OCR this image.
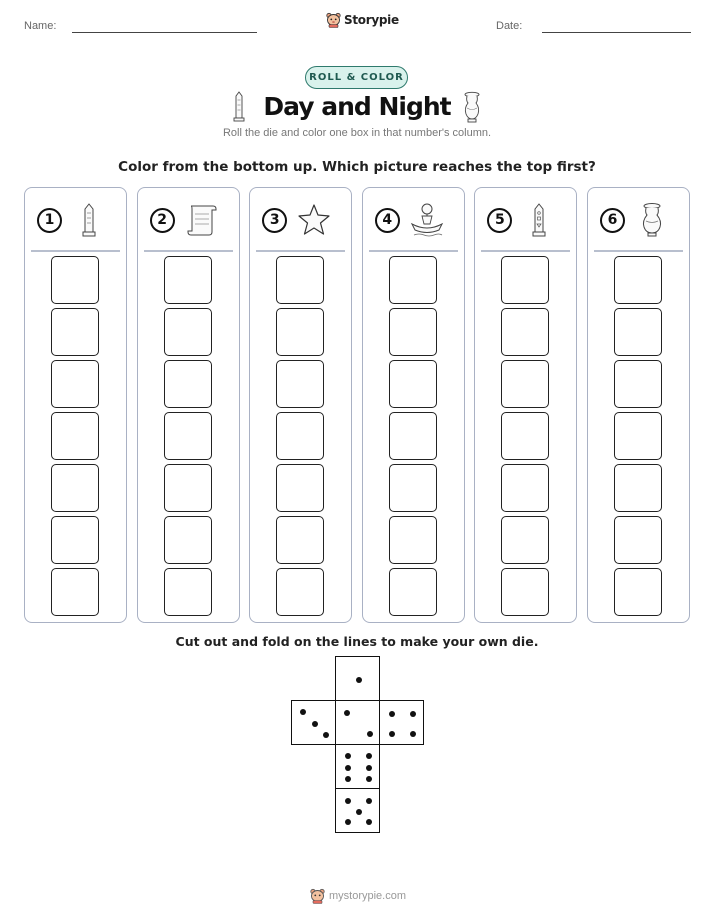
Name:	Storypie	Date:
ROLL & COLOR
Day and Night
Roll the die and color one box in that number's column.
Color from the bottom up. Which picture reaches the top first?
1	2	3	4	5	6
Cut out and fold on the lines to make your own die.
mystorypie.com
